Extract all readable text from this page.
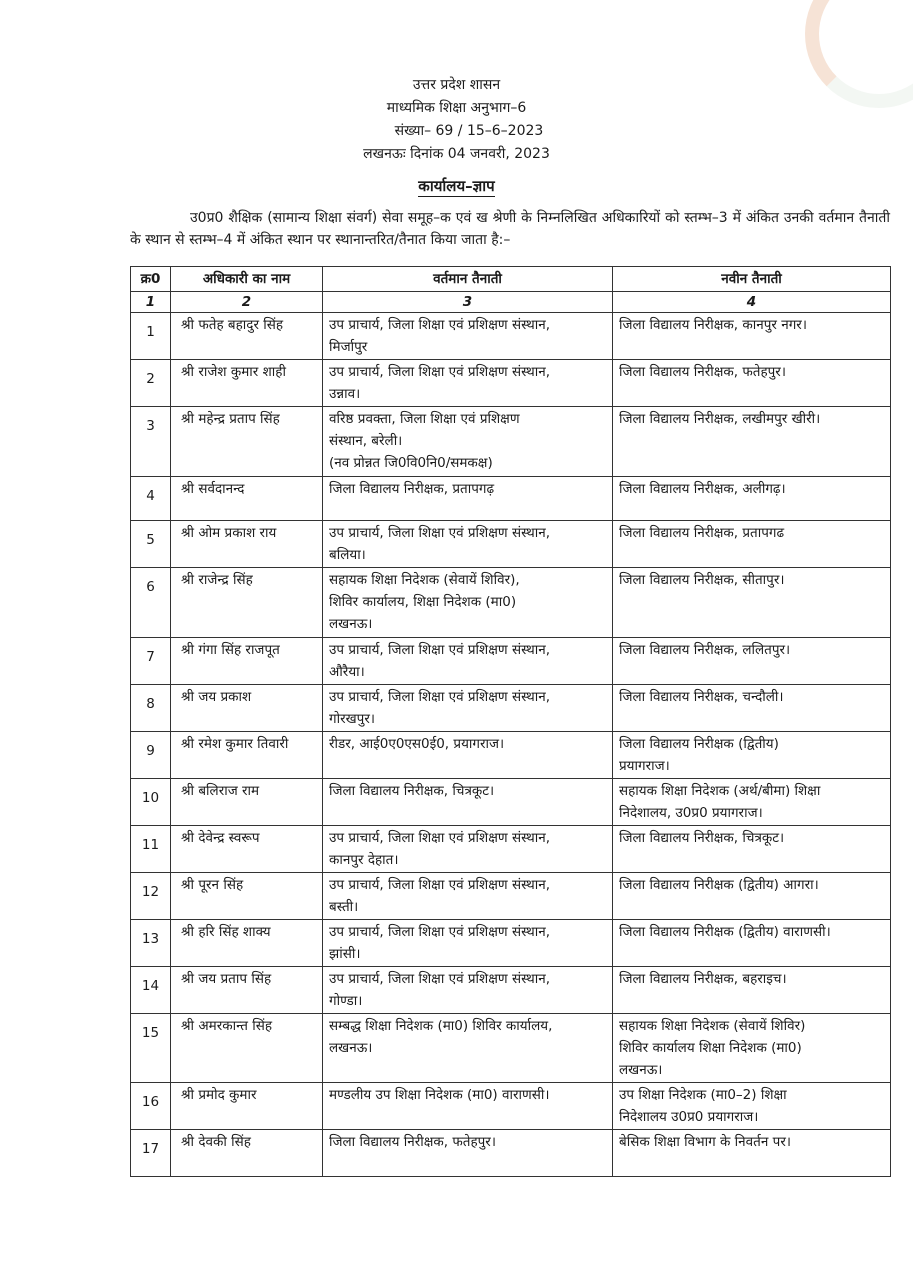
उत्तर प्रदेश शासन
माध्यमिक शिक्षा अनुभाग–6
संख्या– 69 / 15–6–2023
लखनऊः दिनांक 04 जनवरी, 2023
कार्यालय–ज्ञाप
उ0प्र0 शैक्षिक (सामान्य शिक्षा संवर्ग) सेवा समूह–क एवं ख श्रेणी के निम्नलिखित अधिकारियों को स्तम्भ–3 में अंकित उनकी वर्तमान तैनाती के स्थान से स्तम्भ–4 में अंकित स्थान पर स्थानान्तरित/तैनात किया जाता है:–
क्र0	अधिकारी का नाम	वर्तमान तैनाती	नवीन तैनाती
1	2	3	4
1	श्री फतेह बहादुर सिंह	उप प्राचार्य, जिला शिक्षा एवं प्रशिक्षण संस्थान,
मिर्जापुर	जिला विद्यालय निरीक्षक, कानपुर नगर।

2	श्री राजेश कुमार शाही	उप प्राचार्य, जिला शिक्षा एवं प्रशिक्षण संस्थान,
उन्नाव।	जिला विद्यालय निरीक्षक, फतेहपुर।

3	श्री महेन्द्र प्रताप सिंह	वरिष्ठ प्रवक्ता, जिला शिक्षा एवं प्रशिक्षण
संस्थान, बरेली।
(नव प्रोन्नत जि0वि0नि0/समकक्ष)	जिला विद्यालय निरीक्षक, लखीमपुर खीरी।

4	श्री सर्वदानन्द	जिला विद्यालय निरीक्षक, प्रतापगढ़	जिला विद्यालय निरीक्षक, अलीगढ़।

5	श्री ओम प्रकाश राय	उप प्राचार्य, जिला शिक्षा एवं प्रशिक्षण संस्थान,
बलिया।	जिला विद्यालय निरीक्षक, प्रतापगढ

6	श्री राजेन्द्र सिंह	सहायक शिक्षा निदेशक (सेवायें शिविर),
शिविर कार्यालय, शिक्षा निदेशक (मा0)
लखनऊ।	जिला विद्यालय निरीक्षक, सीतापुर।

7	श्री गंगा सिंह राजपूत	उप प्राचार्य, जिला शिक्षा एवं प्रशिक्षण संस्थान,
औरैया।	जिला विद्यालय निरीक्षक, ललितपुर।

8	श्री जय प्रकाश	उप प्राचार्य, जिला शिक्षा एवं प्रशिक्षण संस्थान,
गोरखपुर।	जिला विद्यालय निरीक्षक, चन्दौली।

9	श्री रमेश कुमार तिवारी	रीडर, आई0ए0एस0ई0, प्रयागराज।	जिला विद्यालय निरीक्षक (द्वितीय)
प्रयागराज।

10	श्री बलिराज राम	जिला विद्यालय निरीक्षक, चित्रकूट।	सहायक शिक्षा निदेशक (अर्थ/बीमा) शिक्षा
निदेशालय, उ0प्र0 प्रयागराज।

11	श्री देवेन्द्र स्वरूप	उप प्राचार्य, जिला शिक्षा एवं प्रशिक्षण संस्थान,
कानपुर देहात।	जिला विद्यालय निरीक्षक, चित्रकूट।

12	श्री पूरन सिंह	उप प्राचार्य, जिला शिक्षा एवं प्रशिक्षण संस्थान,
बस्ती।	जिला विद्यालय निरीक्षक (द्वितीय) आगरा।

13	श्री हरि सिंह शाक्य	उप प्राचार्य, जिला शिक्षा एवं प्रशिक्षण संस्थान,
झांसी।	जिला विद्यालय निरीक्षक (द्वितीय) वाराणसी।

14	श्री जय प्रताप सिंह	उप प्राचार्य, जिला शिक्षा एवं प्रशिक्षण संस्थान,
गोण्डा।	जिला विद्यालय निरीक्षक, बहराइच।

15	श्री अमरकान्त सिंह	सम्बद्ध शिक्षा निदेशक (मा0) शिविर कार्यालय,
लखनऊ।	सहायक शिक्षा निदेशक (सेवायें शिविर)
शिविर कार्यालय शिक्षा निदेशक (मा0)
लखनऊ।

16	श्री प्रमोद कुमार	मण्डलीय उप शिक्षा निदेशक (मा0) वाराणसी।	उप शिक्षा निदेशक (मा0–2) शिक्षा
निदेशालय उ0प्र0 प्रयागराज।

17	श्री देवकी सिंह	जिला विद्यालय निरीक्षक, फतेहपुर।	बेसिक शिक्षा विभाग के निवर्तन पर।
